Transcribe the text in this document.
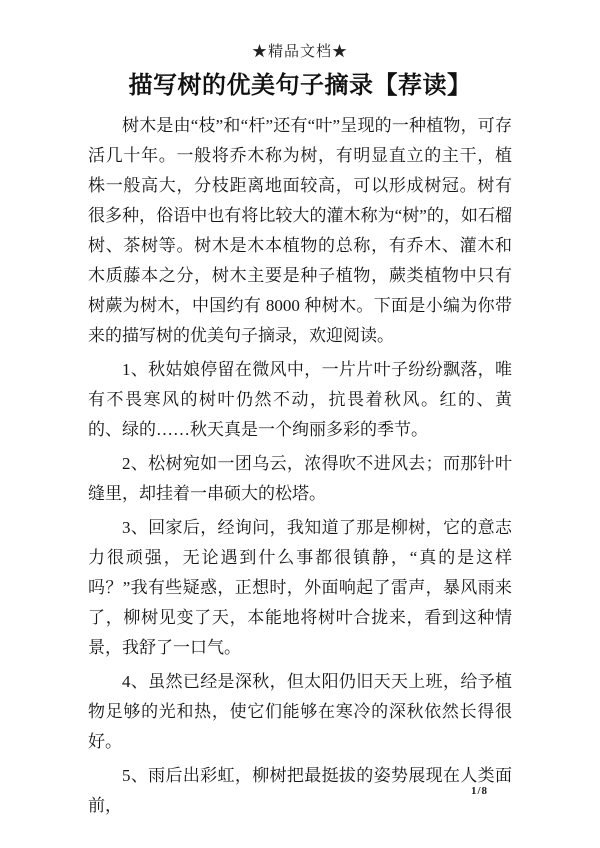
★精品文档★
描写树的优美句子摘录【荐读】

树木是由“枝”和“杆”还有“叶”呈现的一种植物，可存活几十年。一般将乔木称为树，有明显直立的主干，植株一般高大，分枝距离地面较高，可以形成树冠。树有很多种，俗语中也有将比较大的灌木称为“树”的，如石榴树、茶树等。树木是木本植物的总称，有乔木、灌木和木质藤本之分，树木主要是种子植物，蕨类植物中只有树蕨为树木，中国约有 8000 种树木。下面是小编为你带来的描写树的优美句子摘录，欢迎阅读。

1、秋姑娘停留在微风中，一片片叶子纷纷飘落，唯有不畏寒风的树叶仍然不动，抗畏着秋风。红的、黄的、绿的……秋天真是一个绚丽多彩的季节。

2、松树宛如一团乌云，浓得吹不进风去；而那针叶缝里，却挂着一串硕大的松塔。

3、回家后，经询问，我知道了那是柳树，它的意志力很顽强，无论遇到什么事都很镇静，“真的是这样吗？”我有些疑惑，正想时，外面响起了雷声，暴风雨来了，柳树见变了天，本能地将树叶合拢来，看到这种情景，我舒了一口气。

4、虽然已经是深秋，但太阳仍旧天天上班，给予植物足够的光和热，使它们能够在寒冷的深秋依然长得很好。

5、雨后出彩虹，柳树把最挺拔的姿势展现在人类面前，

1/8
